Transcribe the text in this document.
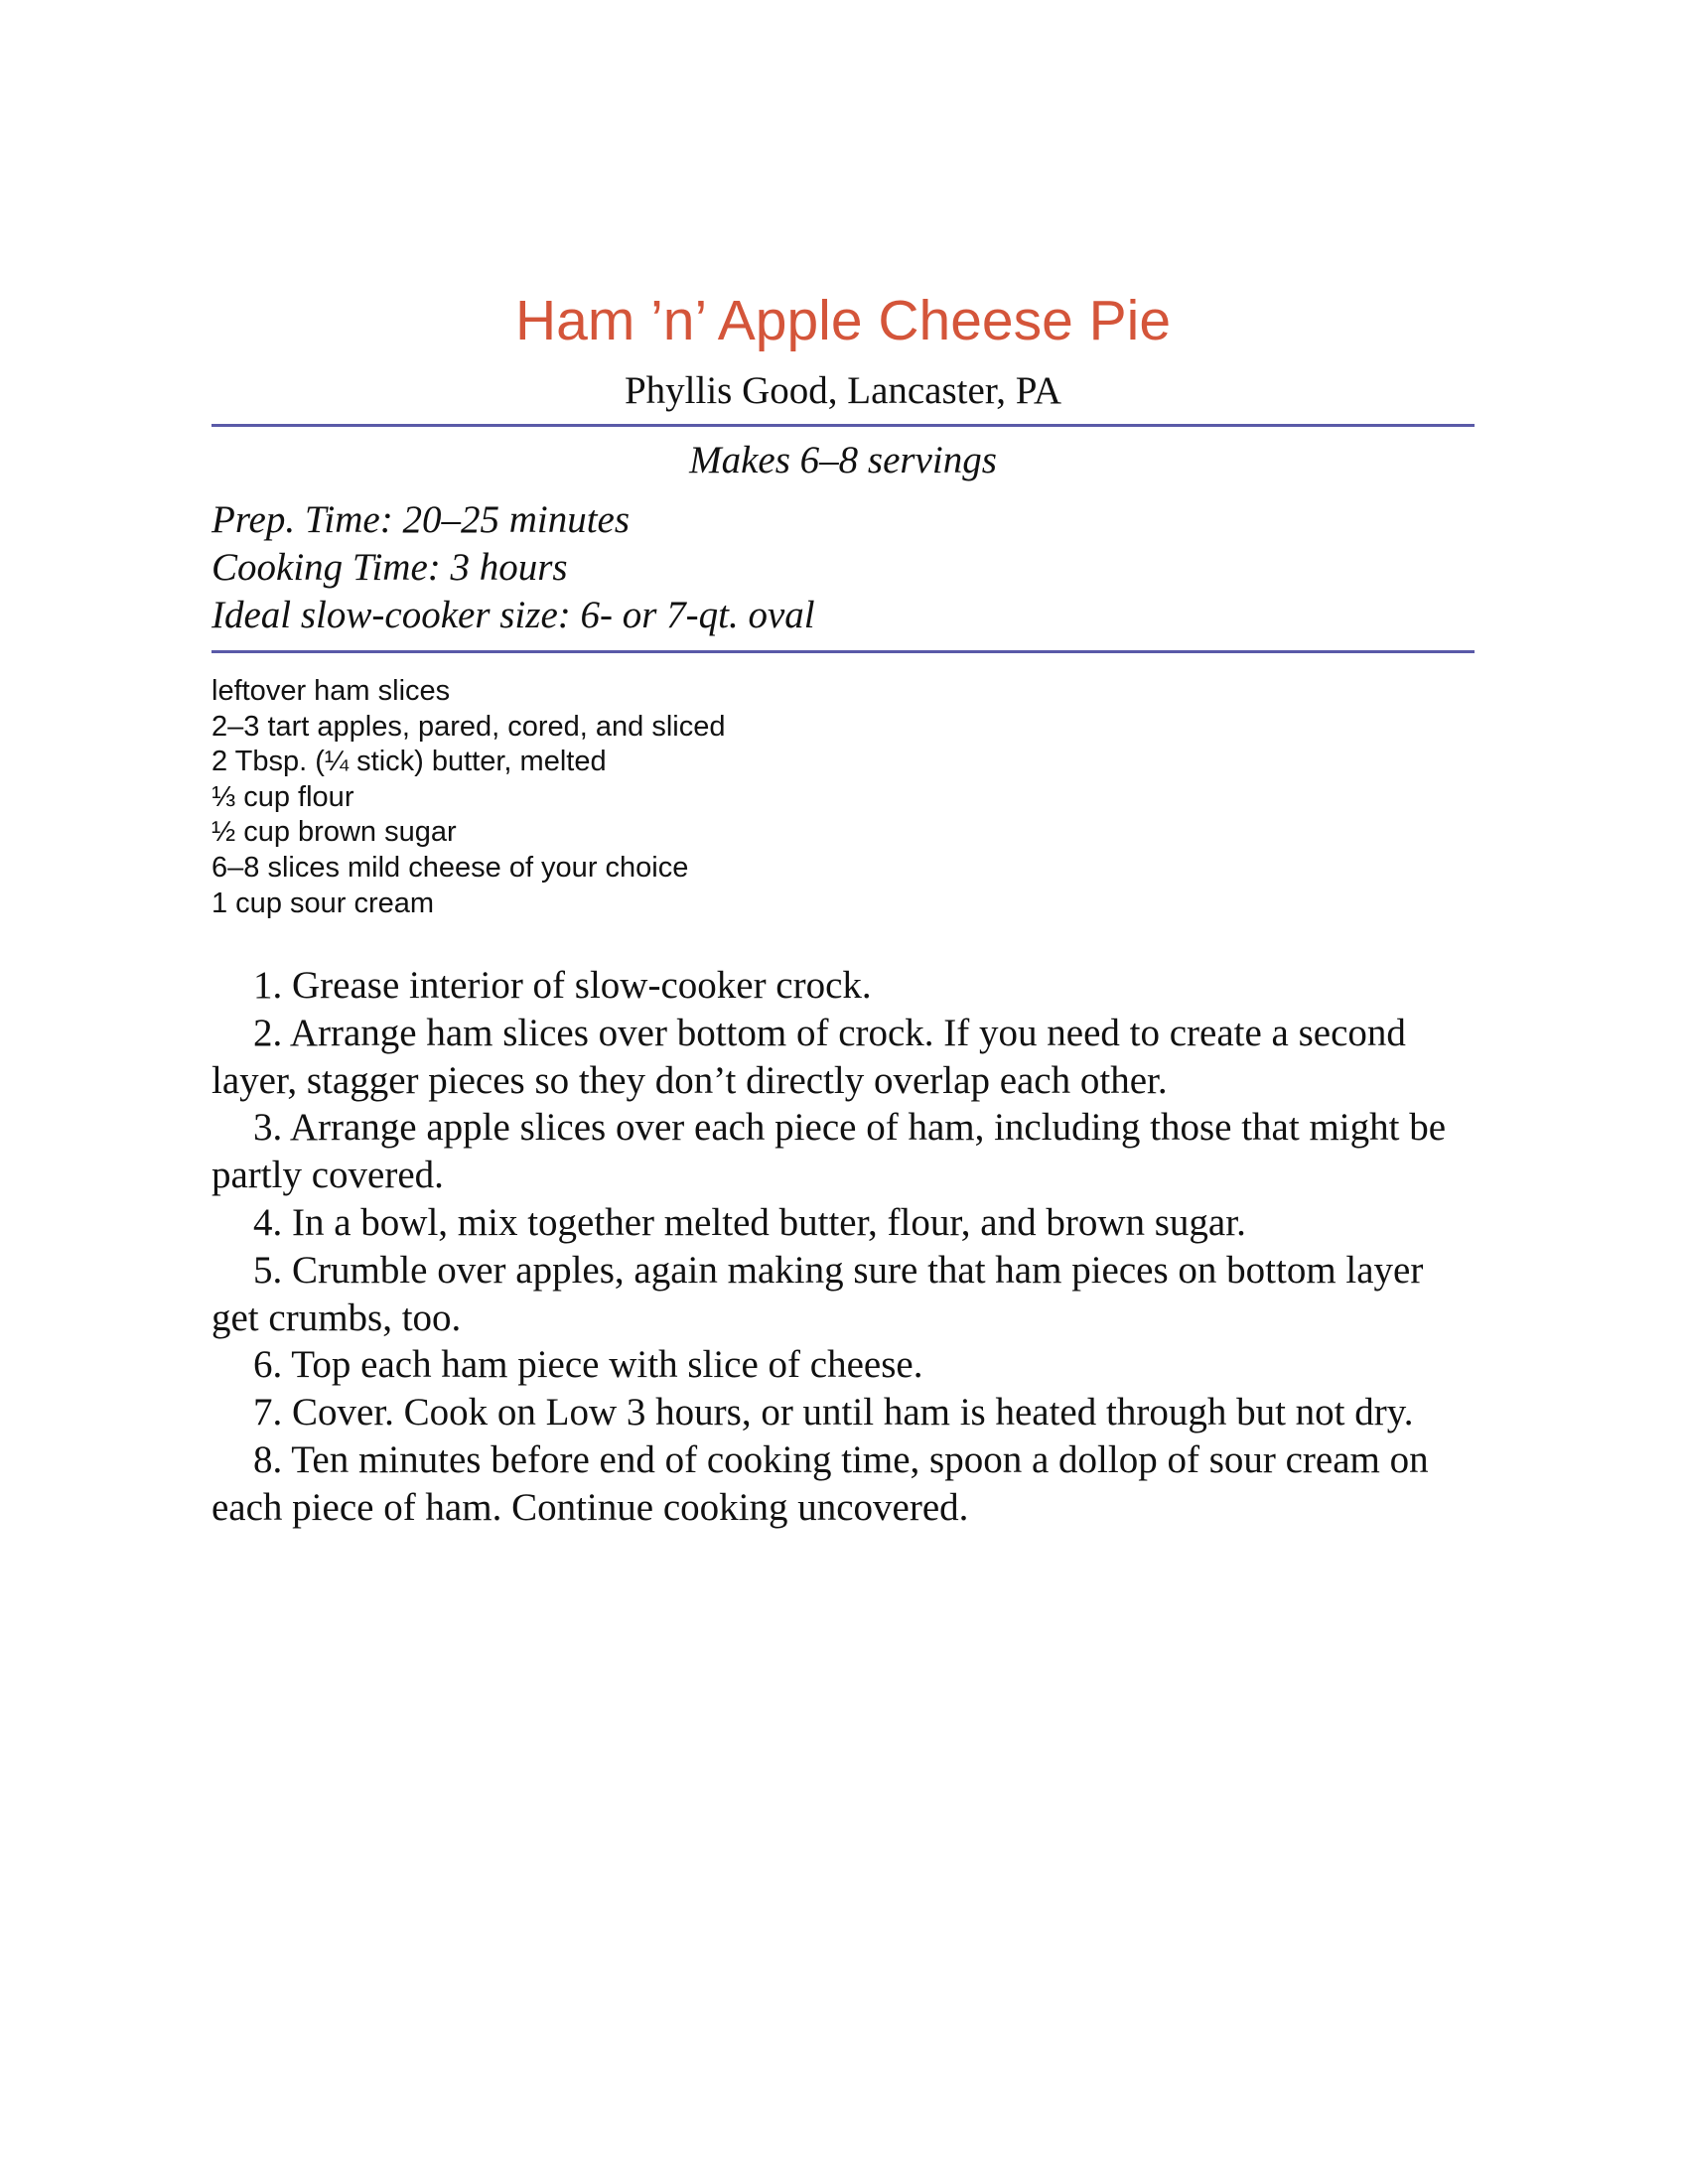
Ham ’n’ Apple Cheese Pie
Phyllis Good, Lancaster, PA
Makes 6–8 servings
Prep. Time: 20–25 minutes
Cooking Time: 3 hours
Ideal slow-cooker size: 6- or 7-qt. oval
leftover ham slices
2–3 tart apples, pared, cored, and sliced
2 Tbsp. (¼ stick) butter, melted
⅓ cup flour
½ cup brown sugar
6–8 slices mild cheese of your choice
1 cup sour cream
1. Grease interior of slow-cooker crock.
2. Arrange ham slices over bottom of crock. If you need to create a second layer, stagger pieces so they don’t directly overlap each other.
3. Arrange apple slices over each piece of ham, including those that might be partly covered.
4. In a bowl, mix together melted butter, flour, and brown sugar.
5. Crumble over apples, again making sure that ham pieces on bottom layer get crumbs, too.
6. Top each ham piece with slice of cheese.
7. Cover. Cook on Low 3 hours, or until ham is heated through but not dry.
8. Ten minutes before end of cooking time, spoon a dollop of sour cream on each piece of ham. Continue cooking uncovered.
